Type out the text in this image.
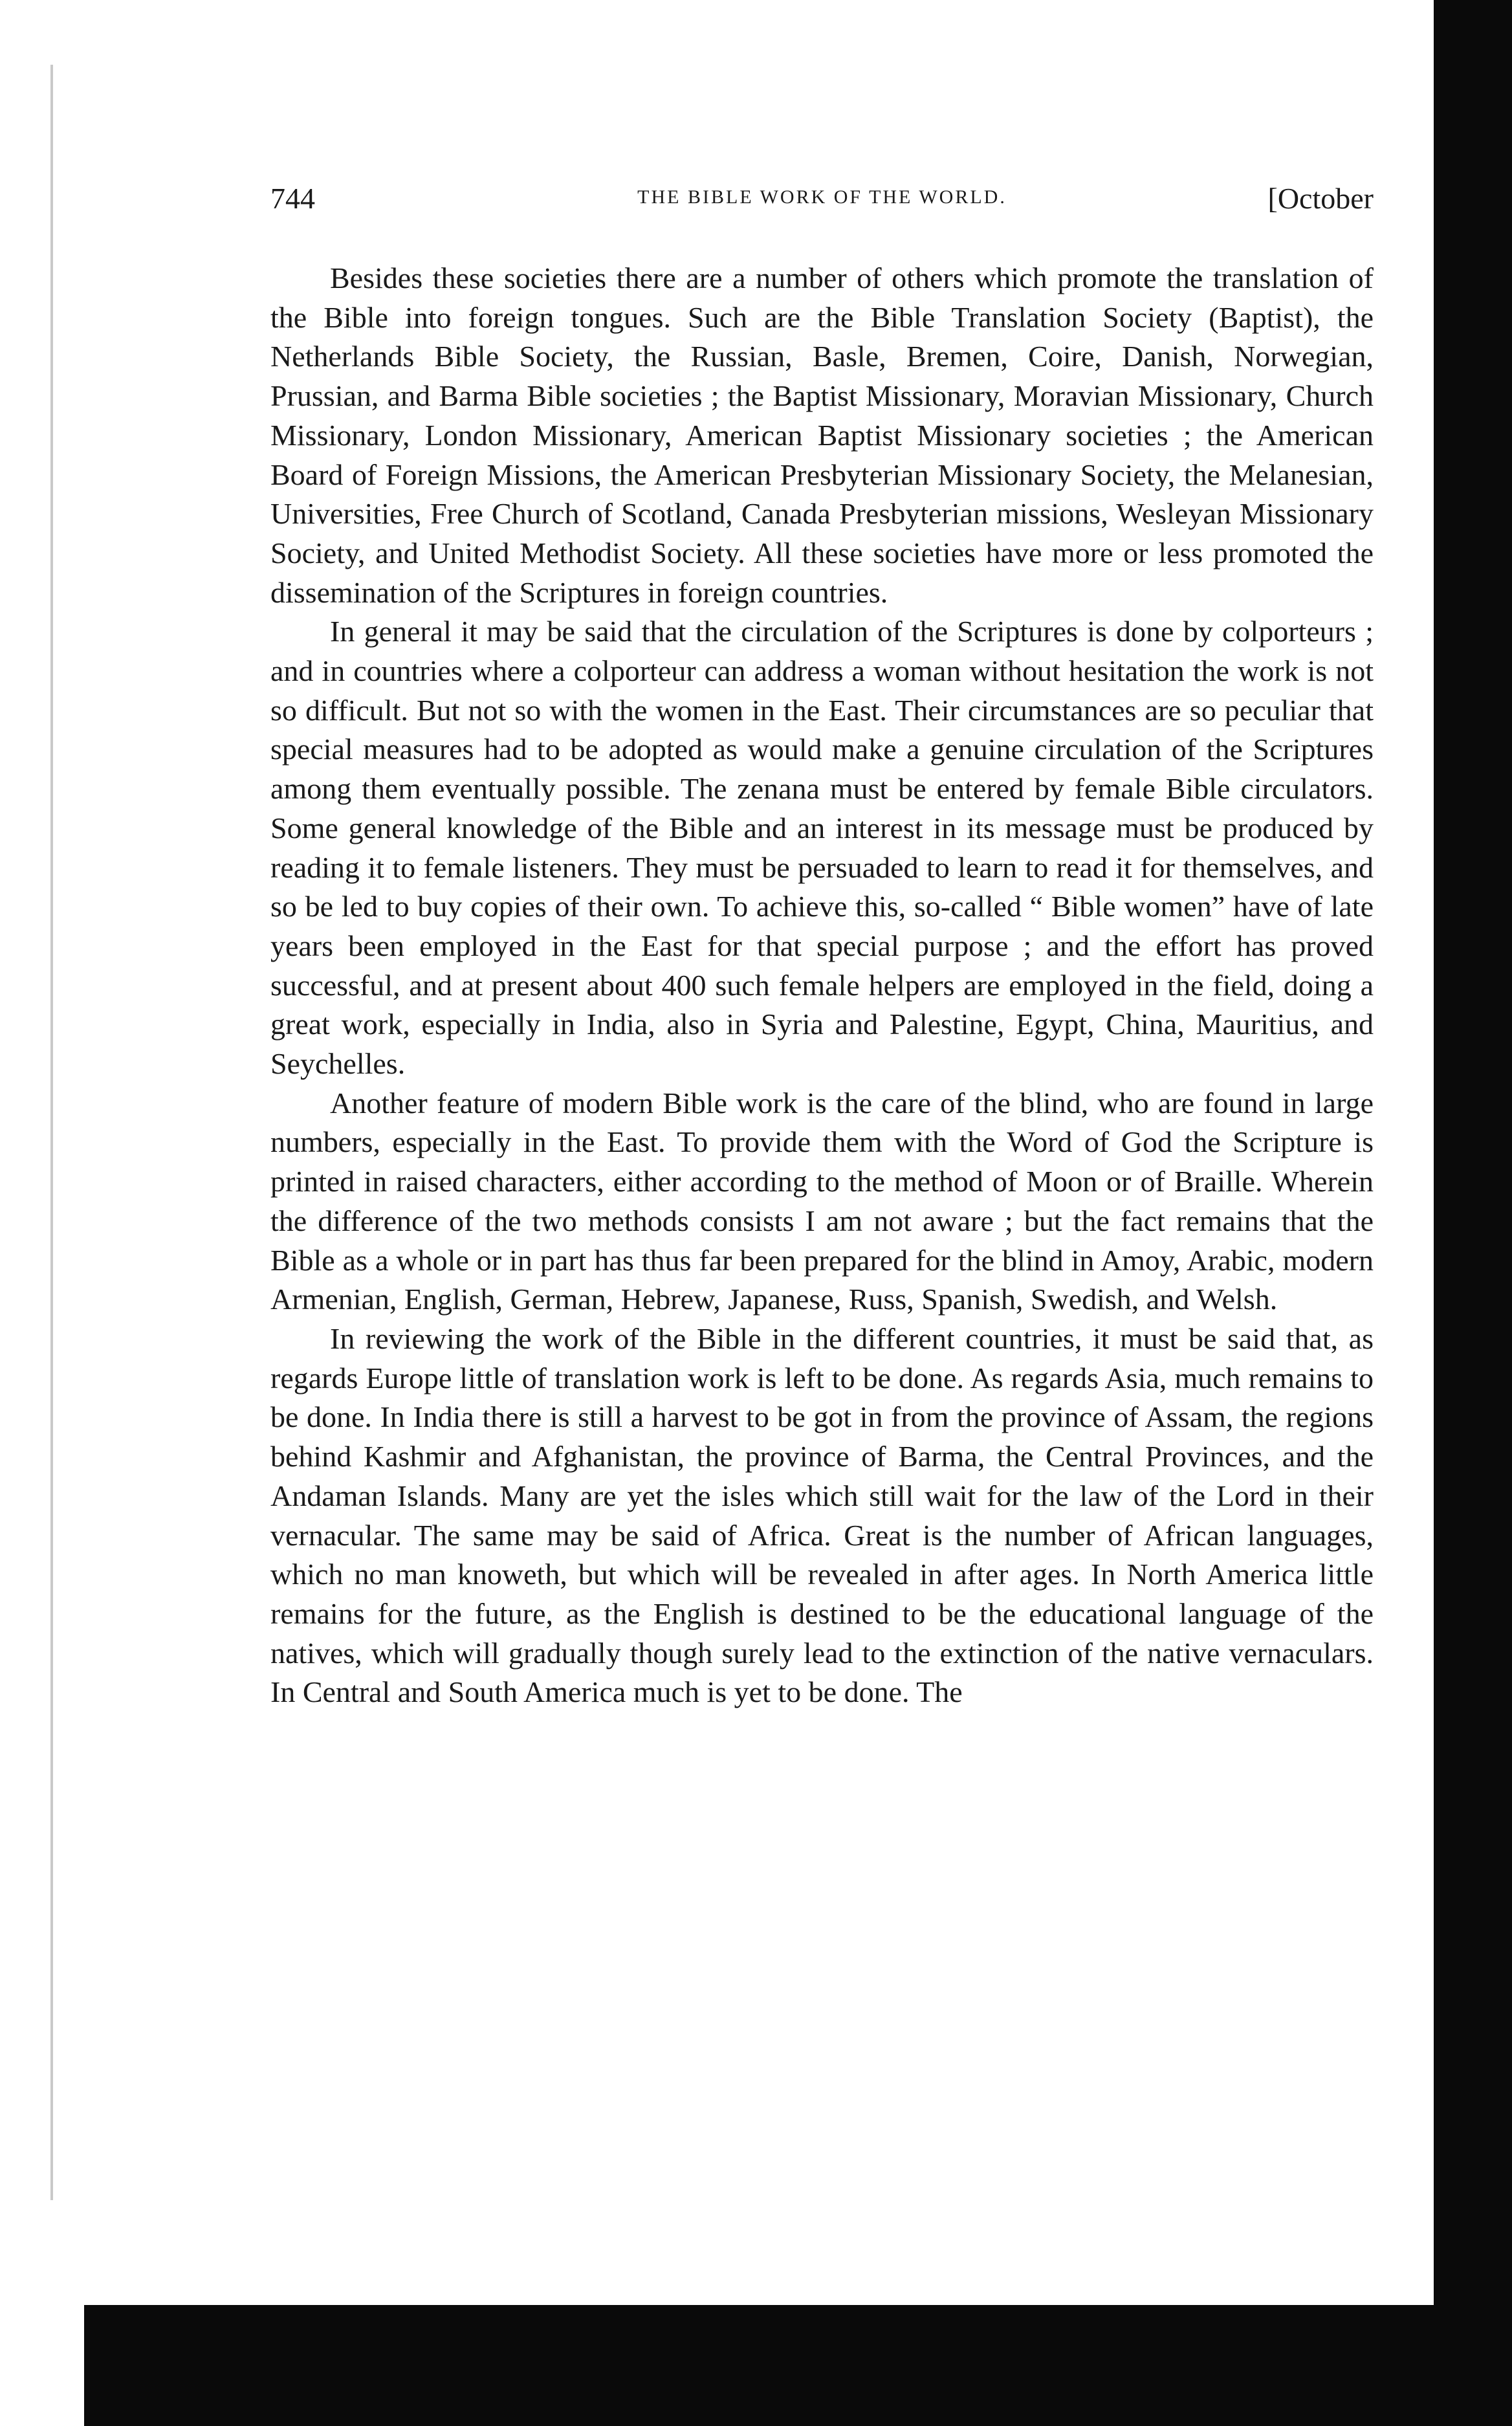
744	THE BIBLE WORK OF THE WORLD.	[October

Besides these societies there are a number of others which promote the translation of the Bible into foreign tongues. Such are the Bible Translation Society (Baptist), the Netherlands Bible Society, the Russian, Basle, Bremen, Coire, Danish, Norwegian, Prussian, and Barma Bible societies ; the Baptist Missionary, Moravian Missionary, Church Missionary, London Missionary, American Baptist Missionary societies ; the American Board of Foreign Missions, the American Presbyterian Missionary Society, the Melanesian, Universities, Free Church of Scotland, Canada Presbyterian missions, Wesleyan Missionary Society, and United Methodist Society. All these societies have more or less promoted the dissemination of the Scriptures in foreign countries.

In general it may be said that the circulation of the Scriptures is done by colporteurs ; and in countries where a colporteur can address a woman without hesitation the work is not so difficult. But not so with the women in the East. Their circumstances are so peculiar that special measures had to be adopted as would make a genuine circulation of the Scriptures among them eventually possible. The zenana must be entered by female Bible circulators. Some general knowledge of the Bible and an interest in its message must be produced by reading it to female listeners. They must be persuaded to learn to read it for themselves, and so be led to buy copies of their own. To achieve this, so-called “ Bible women” have of late years been employed in the East for that special purpose ; and the effort has proved successful, and at present about 400 such female helpers are employed in the field, doing a great work, especially in India, also in Syria and Palestine, Egypt, China, Mauritius, and Seychelles.

Another feature of modern Bible work is the care of the blind, who are found in large numbers, especially in the East. To provide them with the Word of God the Scripture is printed in raised characters, either according to the method of Moon or of Braille. Wherein the difference of the two methods consists I am not aware ; but the fact remains that the Bible as a whole or in part has thus far been prepared for the blind in Amoy, Arabic, modern Armenian, English, German, Hebrew, Japanese, Russ, Spanish, Swedish, and Welsh.

In reviewing the work of the Bible in the different countries, it must be said that, as regards Europe little of translation work is left to be done. As regards Asia, much remains to be done. In India there is still a harvest to be got in from the province of Assam, the regions behind Kashmir and Afghanistan, the province of Barma, the Central Provinces, and the Andaman Islands. Many are yet the isles which still wait for the law of the Lord in their vernacular. The same may be said of Africa. Great is the number of African languages, which no man knoweth, but which will be revealed in after ages. In North America little remains for the future, as the English is destined to be the educational language of the natives, which will gradually though surely lead to the extinction of the native vernaculars. In Central and South America much is yet to be done. The
